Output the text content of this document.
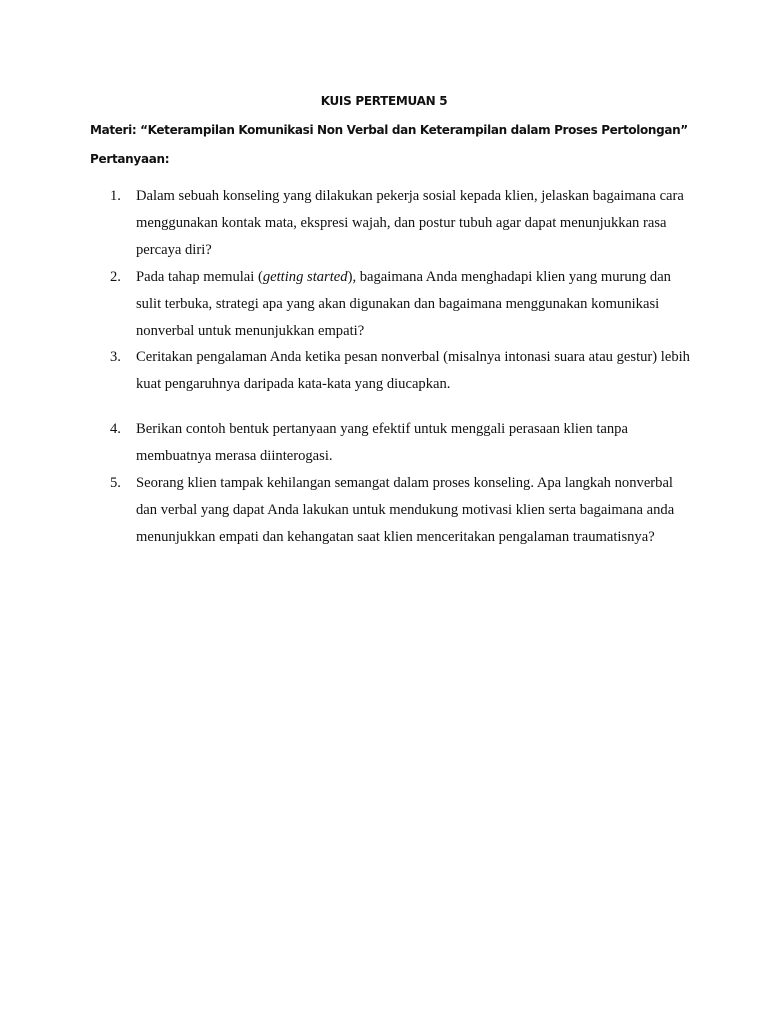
KUIS PERTEMUAN 5
Materi: “Keterampilan Komunikasi Non Verbal dan Keterampilan dalam Proses Pertolongan”
Pertanyaan:
1.	Dalam sebuah konseling yang dilakukan pekerja sosial kepada klien, jelaskan bagaimana cara menggunakan kontak mata, ekspresi wajah, dan postur tubuh agar dapat menunjukkan rasa percaya diri?
2.	Pada tahap memulai (getting started), bagaimana Anda menghadapi klien yang murung dan sulit terbuka, strategi apa yang akan digunakan dan bagaimana menggunakan komunikasi nonverbal untuk menunjukkan empati?
3.	Ceritakan pengalaman Anda ketika pesan nonverbal (misalnya intonasi suara atau gestur) lebih kuat pengaruhnya daripada kata-kata yang diucapkan.
4.	Berikan contoh bentuk pertanyaan yang efektif untuk menggali perasaan klien tanpa membuatnya merasa diinterogasi.
5.	Seorang klien tampak kehilangan semangat dalam proses konseling. Apa langkah nonverbal dan verbal yang dapat Anda lakukan untuk mendukung motivasi klien serta bagaimana anda menunjukkan empati dan kehangatan saat klien menceritakan pengalaman traumatisnya?
